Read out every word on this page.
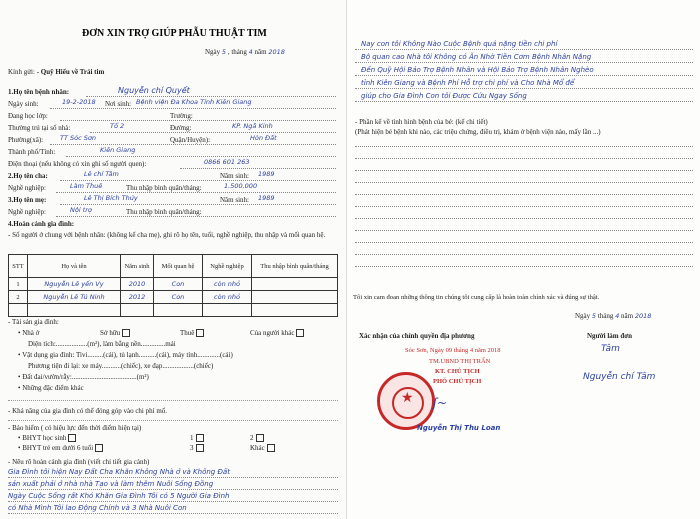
ĐƠN XIN TRỢ GIÚP PHẪU THUẬT TIM
Ngày 5 , tháng 4 năm 2018
Kính gửi: - Quỹ Hiểu về Trái tim
1.Họ tên bệnh nhân:	Nguyễn chí Quyết
Ngày sinh:	19-2-2018 Nơi sinh: Bệnh viện Đa Khoa Tỉnh Kiên Giang
Đang học lớp:	Trường:
Thường trú tại số nhà:	Tổ 2	Đường:	KP. Ngã Kinh
Phường(xã):	TT Sóc Sơn	Quận/Huyện):	Hòn Đất
Thành phố/Tỉnh:	Kiên Giang
Điện thoại (nếu không có xin ghi số người quen):	0866 601 263
2.Họ tên cha:	Lê chí Tâm	Năm sinh: 1989
Nghề nghiệp:	Làm Thuê	Thu nhập bình quân/tháng:	1.500.000
3.Họ tên mẹ:	Lê Thị Bích Thủy	Năm sinh: 1989
Nghề nghiệp:	Nội trợ	Thu nhập bình quân/tháng:
4.Hoàn cảnh gia đình:
- Số người ở chung với bệnh nhân: (không kể cha mẹ), ghi rõ họ tên, tuổi, nghề nghiệp, thu nhập và mối quan hệ.
STT	Họ và tên	Năm sinh	Mối quan hệ	Nghề nghiệp	Thu nhập bình quân/tháng
1	Nguyễn Lê yến Vy	2010	Con	còn nhỏ	
2	Nguyễn Lê Tú Ninh	2012	Con	còn nhỏ	

- Tài sản gia đình:
• Nhà ở	Sở hữu	Thuê	Của người khác
Diện tích:..................(m²), làm bằng nền..............mái
• Vật dụng gia đình: Tivi.........(cái), tủ lạnh..........(cái), máy tính.............(cái)
Phương tiện đi lại: xe máy...........(chiếc), xe đạp..................(chiếc)
• Đất đai/vườn/rẫy:.....................................(m²)
• Những đặc điểm khác
- Khả năng của gia đình có thể đóng góp vào chi phí mổ.
- Bảo hiểm ( có hiệu lực đến thời điểm hiện tại)
• BHYT học sinh	1	2
• BHYT trẻ em dưới 6 tuổi	3	Khác
- Nêu rõ hoàn cảnh gia đình (viết chi tiết gia cảnh)
Gia Đình tôi hiện Nay Đất Cha Khăn Không Nhà ở và Không Đất
sản xuất phải ở nhà nhà Tạo và làm thêm Nuôi Sống Đồng
Ngày Cuộc Sống rất Khó Khăn Gia Đình Tôi có 5 Người Gia Đình
có Nhà Mình Tôi lao Động Chính và 3 Nhà Nuôi Con
Nay con tôi Không Nào Cuộc Bệnh quá nặng tiền chi phí
Bộ quan cao Nhà tôi Không có Ăn Nhờ Tiền Cơm Bệnh Nhân Nặng
Đến Quỹ Hội Bảo Trợ Bệnh Nhân và Hội Bảo Trợ Bệnh Nhân Nghèo
tỉnh Kiên Giang và Bệnh Phí Hỗ trợ chi phí và Cho Nhà Mổ để
giúp cho Gia Đình Con tôi Được Cứu Ngay Sống
- Phần kể về tình hình bệnh của bé: (kể chi tiết)
(Phát hiện bé bệnh khi nào, các triệu chứng, điều trị, khám ở bệnh viện nào, mấy lần ...)
Tôi xin cam đoan những thông tin chúng tôi cung cấp là hoàn toàn chính xác và đúng sự thật.
Ngày 5 tháng 4 năm 2018
Xác nhận của chính quyền địa phương	Người làm đơn
Sóc Sơn, Ngày 09 tháng 4 năm 2018
TM.UBND THỊ TRẤN
KT. CHỦ TỊCH
PHÓ CHỦ TỊCH
★ ʃ~
Nguyễn Thị Thu Loan
Tâm
Nguyễn chí Tâm
